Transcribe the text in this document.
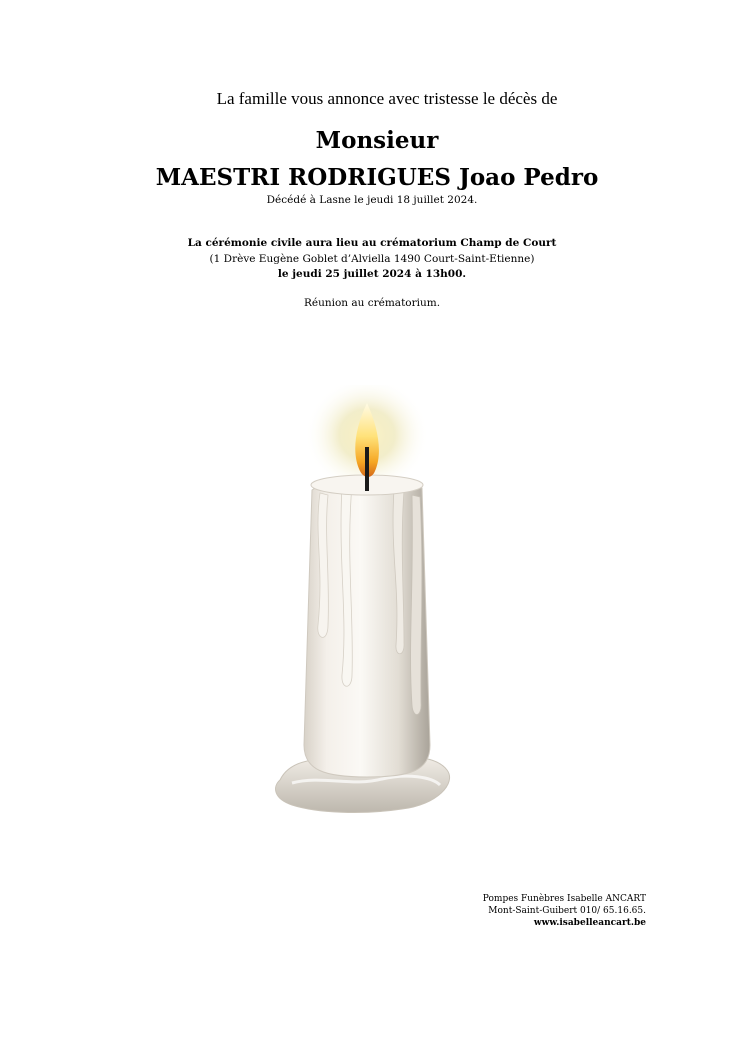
La famille vous annonce avec tristesse le décès de
Monsieur
MAESTRI RODRIGUES Joao Pedro
Décédé à Lasne le jeudi 18 juillet 2024.
La cérémonie civile aura lieu au crématorium Champ de Court
(1 Drève Eugène Goblet d’Alviella 1490 Court-Saint-Etienne)
le jeudi 25 juillet 2024 à 13h00.
Réunion au crématorium.
Pompes Funèbres Isabelle ANCART
Mont-Saint-Guibert 010/ 65.16.65.
www.isabelleancart.be
